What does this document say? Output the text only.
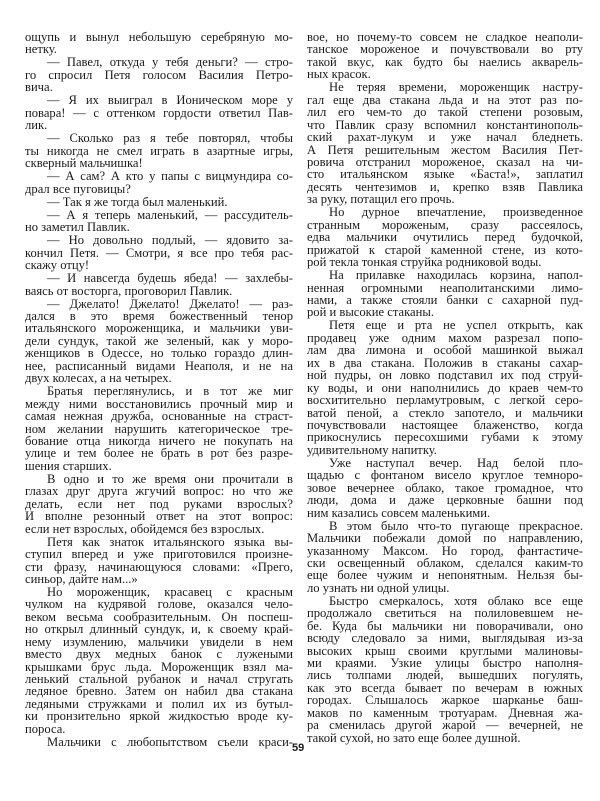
ощупь и вынул небольшую серебряную мо-
нетку.
— Павел, откуда у тебя деньги? — стро-
го спросил Петя голосом Василия Петро-
вича.
— Я их выиграл в Ионическом море у
повара! — с оттенком гордости ответил Пав-
лик.
— Сколько раз я тебе повторял, чтобы
ты никогда не смел играть в азартные игры,
скверный мальчишка!
— А сам? А кто у папы с вицмундира со-
драл все пуговицы?
— Так я же тогда был маленький.
— А я теперь маленький, — рассудитель-
но заметил Павлик.
— Но довольно подлый, — ядовито за-
кончил Петя. — Смотри, я все про тебя рас-
скажу отцу!
— И навсегда будешь ябеда! — захлебы-
ваясь от восторга, проговорил Павлик.
— Джелато! Джелато! Джелато! — раз-
дался в это время божественный тенор
итальянского мороженщика, и мальчики уви-
дели сундук, такой же зеленый, как у моро-
женщиков в Одессе, но только гораздо длин-
нее, расписанный видами Неаполя, и не на
двух колесах, а на четырех.
Братья переглянулись, и в тот же миг
между ними восстановились прочный мир и
самая нежная дружба, основанные на страст-
ном желании нарушить категорическое тре-
бование отца никогда ничего не покупать на
улице и тем более не брать в рот без разре-
шения старших.
В одно и то же время они прочитали в
глазах друг друга жгучий вопрос: но что же
делать, если нет под руками взрослых?
И вполне резонный ответ на этот вопрос:
если нет взрослых, обойдемся без взрослых.
Петя как знаток итальянского языка вы-
ступил вперед и уже приготовился произне-
сти фразу, начинающуюся словами: «Прего,
синьор, дайте нам...»
Но мороженщик, красавец с красным
чулком на кудрявой голове, оказался чело-
веком весьма сообразительным. Он поспеш-
но открыл длинный сундук, и, к своему край-
нему изумлению, мальчики увидели в нем
вместо двух медных банок с лужеными
крышками брус льда. Мороженщик взял ма-
ленький стальной рубанок и начал стругать
ледяное бревно. Затем он набил два стакана
ледяными стружками и полил их из бутыл-
ки пронзительно яркой жидкостью вроде ку-
пороса.
Мальчики с любопытством съели краси-
вое, но почему-то совсем не сладкое неаполи-
танское мороженое и почувствовали во рту
такой вкус, как будто бы наелись акварель-
ных красок.
Не теряя времени, мороженщик настру-
гал еще два стакана льда и на этот раз по-
лил его чем-то до такой степени розовым,
что Павлик сразу вспомнил константинополь-
ский рахат-лукум и уже начал бледнеть.
А Петя решительным жестом Василия Пет-
ровича отстранил мороженое, сказал на чи-
сто итальянском языке «Баста!», заплатил
десять чентезимов и, крепко взяв Павлика
за руку, потащил его прочь.
Но дурное впечатление, произведенное
странным мороженым, сразу рассеялось,
едва мальчики очутились перед будочкой,
прижатой к старой каменной стене, из кото-
рой текла тонкая струйка родниковой воды.
На прилавке находилась корзина, напол-
ненная огромными неаполитанскими лимо-
нами, а также стояли банки с сахарной пуд-
рой и высокие стаканы.
Петя еще и рта не успел открыть, как
продавец уже одним махом разрезал попо-
лам два лимона и особой машинкой выжал
их в два стакана. Положив в стаканы сахар-
ной пудры, он ловко подставил их под струй-
ку воды, и они наполнились до краев чем-то
восхитительно перламутровым, с легкой серо-
ватой пеной, а стекло запотело, и мальчики
почувствовали настоящее блаженство, когда
прикоснулись пересохшими губами к этому
удивительному напитку.
Уже наступал вечер. Над белой пло-
щадью с фонтаном висело круглое темноро-
зовое вечернее облако, такое громадное, что
люди, дома и даже церковные башни под
ним казались совсем маленькими.
В этом было что-то пугающе прекрасное.
Мальчики побежали домой по направлению,
указанному Максом. Но город, фантастиче-
ски освещенный облаком, сделался каким-то
еще более чужим и непонятным. Нельзя бы-
ло узнать ни одной улицы.
Быстро смеркалось, хотя облако все еще
продолжало светиться на полиловевшем не-
бе. Куда бы мальчики ни поворачивали, оно
всюду следовало за ними, выглядывая из-за
высоких крыш своими круглыми малиновы-
ми краями. Узкие улицы быстро наполня-
лись толпами людей, вышедших погулять,
как это всегда бывает по вечерам в южных
городах. Слышалось жаркое шарканье баш-
маков по каменным тротуарам. Дневная жа-
ра сменилась другой жарой — вечерней, не
такой сухой, но зато еще более душной.
59
